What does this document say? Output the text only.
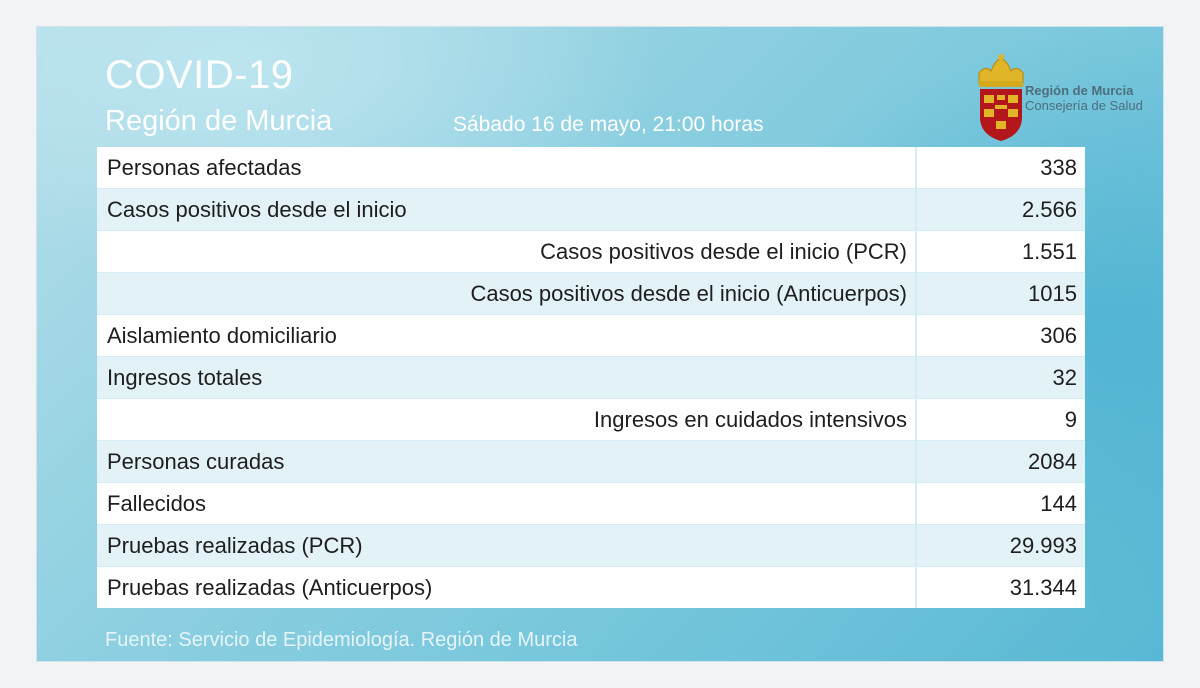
COVID-19
Región de Murcia	Sábado 16 de mayo, 21:00 horas
Región de Murcia
Consejería de Salud
Personas afectadas	338
Casos positivos desde el inicio	2.566
Casos positivos desde el inicio (PCR)	1.551
Casos positivos desde el inicio (Anticuerpos)	1015
Aislamiento domiciliario	306
Ingresos totales	32
Ingresos en cuidados intensivos	9
Personas curadas	2084
Fallecidos	144
Pruebas realizadas (PCR)	29.993
Pruebas realizadas (Anticuerpos)	31.344
Fuente: Servicio de Epidemiología. Región de Murcia
